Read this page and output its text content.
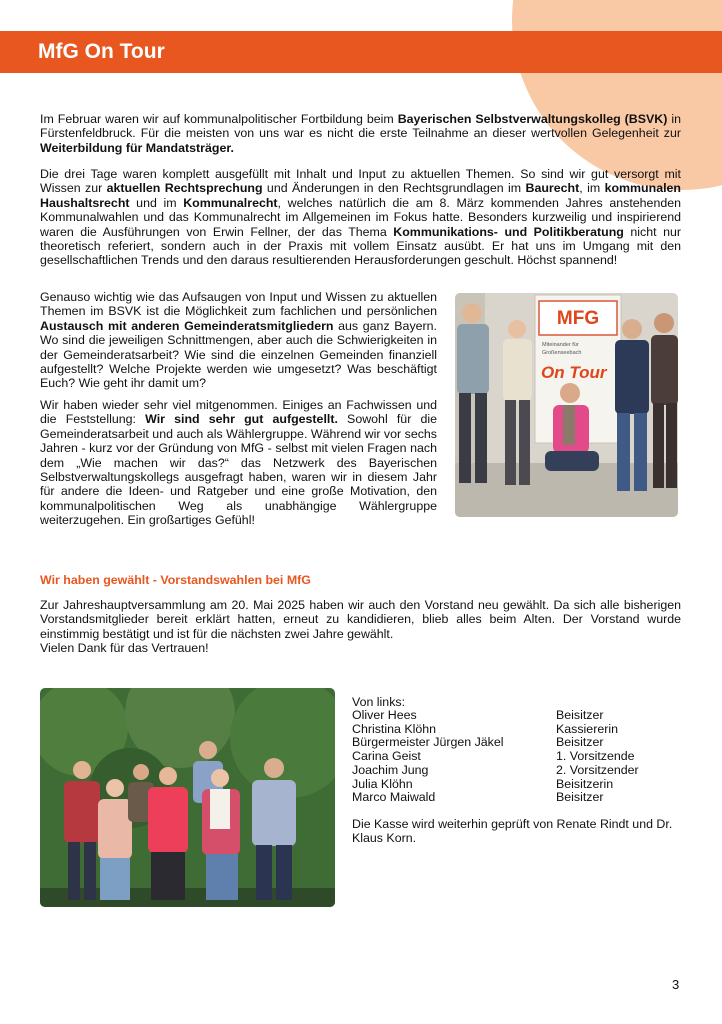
MfG On Tour

Im Februar waren wir auf kommunalpolitischer Fortbildung beim Bayerischen Selbstverwaltungskolleg (BSVK) in Fürstenfeldbruck. Für die meisten von uns war es nicht die erste Teilnahme an dieser wertvollen Gelegenheit zur Weiterbildung für Mandatsträger.

Die drei Tage waren komplett ausgefüllt mit Inhalt und Input zu aktuellen Themen. So sind wir gut versorgt mit Wissen zur aktuellen Rechtsprechung und Änderungen in den Rechtsgrundlagen im Baurecht, im kommunalen Haushaltsrecht und im Kommunalrecht, welches natürlich die am 8. März kommenden Jahres anstehenden Kommunalwahlen und das Kommunalrecht im Allgemeinen im Fokus hatte. Besonders kurzweilig und inspirierend waren die Ausführungen von Erwin Fellner, der das Thema Kommunikations- und Politikberatung nicht nur theoretisch referiert, sondern auch in der Praxis mit vollem Einsatz ausübt. Er hat uns im Umgang mit den gesellschaftlichen Trends und den daraus resultierenden Herausforderungen geschult. Höchst spannend!

Genauso wichtig wie das Aufsaugen von Input und Wissen zu aktuellen Themen im BSVK ist die Möglichkeit zum fachlichen und persönlichen Austausch mit anderen Gemeinderatsmitgliedern aus ganz Bayern. Wo sind die jeweiligen Schnittmengen, aber auch die Schwierigkeiten in der Gemeinderatsarbeit? Wie sind die einzelnen Gemeinden finanziell aufgestellt? Welche Projekte werden wie umgesetzt? Was beschäftigt Euch? Wie geht ihr damit um?

Wir haben wieder sehr viel mitgenommen. Einiges an Fachwissen und die Feststellung: Wir sind sehr gut aufgestellt. Sowohl für die Gemeinderatsarbeit und auch als Wählergruppe. Während wir vor sechs Jahren - kurz vor der Gründung von MfG - selbst mit vielen Fragen nach dem „Wie machen wir das?“ das Netzwerk des Bayerischen Selbstverwaltungskollegs ausgefragt haben, waren wir in diesem Jahr für andere die Ideen- und Ratgeber und eine große Motivation, den kommunalpolitischen Weg als unabhängige Wählergruppe weiterzugehen. Ein großartiges Gefühl!

MFG
Miteinander für
Großenseebach
On Tour
Wir haben gewählt - Vorstandswahlen bei MfG

Zur Jahreshauptversammlung am 20. Mai 2025 haben wir auch den Vorstand neu gewählt. Da sich alle bisherigen Vorstandsmitglieder bereit erklärt hatten, erneut zu kandidieren, blieb alles beim Alten. Der Vorstand wurde einstimmig bestätigt und ist für die nächsten zwei Jahre gewählt.

Vielen Dank für das Vertrauen!

Von links:

Oliver Hees	Beisitzer
Christina Klöhn	Kassiererin
Bürgermeister Jürgen Jäkel	Beisitzer
Carina Geist	1. Vorsitzende
Joachim Jung	2. Vorsitzender
Julia Klöhn	Beisitzerin
Marco Maiwald	Beisitzer

Die Kasse wird weiterhin geprüft von Renate Rindt und Dr. Klaus Korn.

3
